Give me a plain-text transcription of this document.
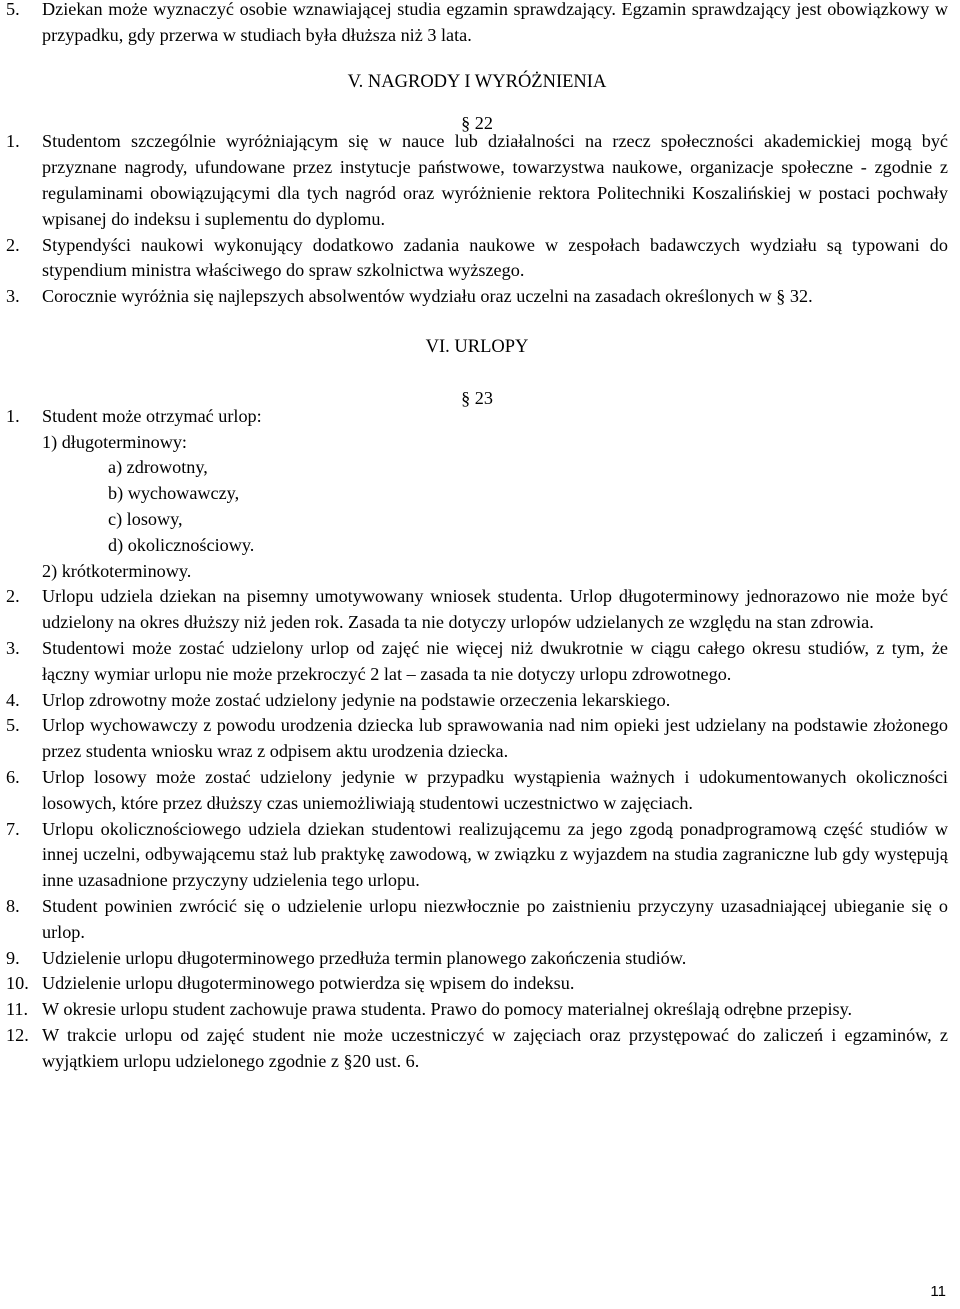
5. Dziekan może wyznaczyć osobie wznawiającej studia egzamin sprawdzający. Egzamin sprawdzający jest obowiązkowy w przypadku, gdy przerwa w studiach była dłuższa niż 3 lata.
V. NAGRODY I WYRÓŻNIENIA
§ 22
1. Studentom szczególnie wyróżniającym się w nauce lub działalności na rzecz społeczności akademickiej mogą być przyznane nagrody, ufundowane przez instytucje państwowe, towarzystwa naukowe, organizacje społeczne - zgodnie z regulaminami obowiązującymi dla tych nagród oraz wyróżnienie rektora Politechniki Koszalińskiej w postaci pochwały wpisanej do indeksu i suplementu do dyplomu.
2. Stypendyści naukowi wykonujący dodatkowo zadania naukowe w zespołach badawczych wydziału są typowani do stypendium ministra właściwego do spraw szkolnictwa wyższego.
3. Corocznie wyróżnia się najlepszych absolwentów wydziału oraz uczelni na zasadach określonych w § 32.
VI. URLOPY
§ 23
1. Student może otrzymać urlop:
1) długoterminowy:
a) zdrowotny,
b) wychowawczy,
c) losowy,
d) okolicznościowy.
2) krótkoterminowy.
2. Urlopu udziela dziekan na pisemny umotywowany wniosek studenta. Urlop długoterminowy jednorazowo nie może być udzielony na okres dłuższy niż jeden rok. Zasada ta nie dotyczy urlopów udzielanych ze względu na stan zdrowia.
3. Studentowi może zostać udzielony urlop od zajęć nie więcej niż dwukrotnie w ciągu całego okresu studiów, z tym, że łączny wymiar urlopu nie może przekroczyć 2 lat – zasada ta nie dotyczy urlopu zdrowotnego.
4. Urlop zdrowotny może zostać udzielony jedynie na podstawie orzeczenia lekarskiego.
5. Urlop wychowawczy z powodu urodzenia dziecka lub sprawowania nad nim opieki jest udzielany na podstawie złożonego przez studenta wniosku wraz z odpisem aktu urodzenia dziecka.
6. Urlop losowy może zostać udzielony jedynie w przypadku wystąpienia ważnych i udokumentowanych okoliczności losowych, które przez dłuższy czas uniemożliwiają studentowi uczestnictwo w zajęciach.
7. Urlopu okolicznościowego udziela dziekan studentowi realizującemu za jego zgodą ponadprogramową część studiów w innej uczelni, odbywającemu staż lub praktykę zawodową, w związku z wyjazdem na studia zagraniczne lub gdy występują inne uzasadnione przyczyny udzielenia tego urlopu.
8. Student powinien zwrócić się o udzielenie urlopu niezwłocznie po zaistnieniu przyczyny uzasadniającej ubieganie się o urlop.
9. Udzielenie urlopu długoterminowego przedłuża termin planowego zakończenia studiów.
10. Udzielenie urlopu długoterminowego potwierdza się wpisem do indeksu.
11. W okresie urlopu student zachowuje prawa studenta. Prawo do pomocy materialnej określają odrębne przepisy.
12. W trakcie urlopu od zajęć student nie może uczestniczyć w zajęciach oraz przystępować do zaliczeń i egzaminów, z wyjątkiem urlopu udzielonego zgodnie z §20 ust. 6.
11
